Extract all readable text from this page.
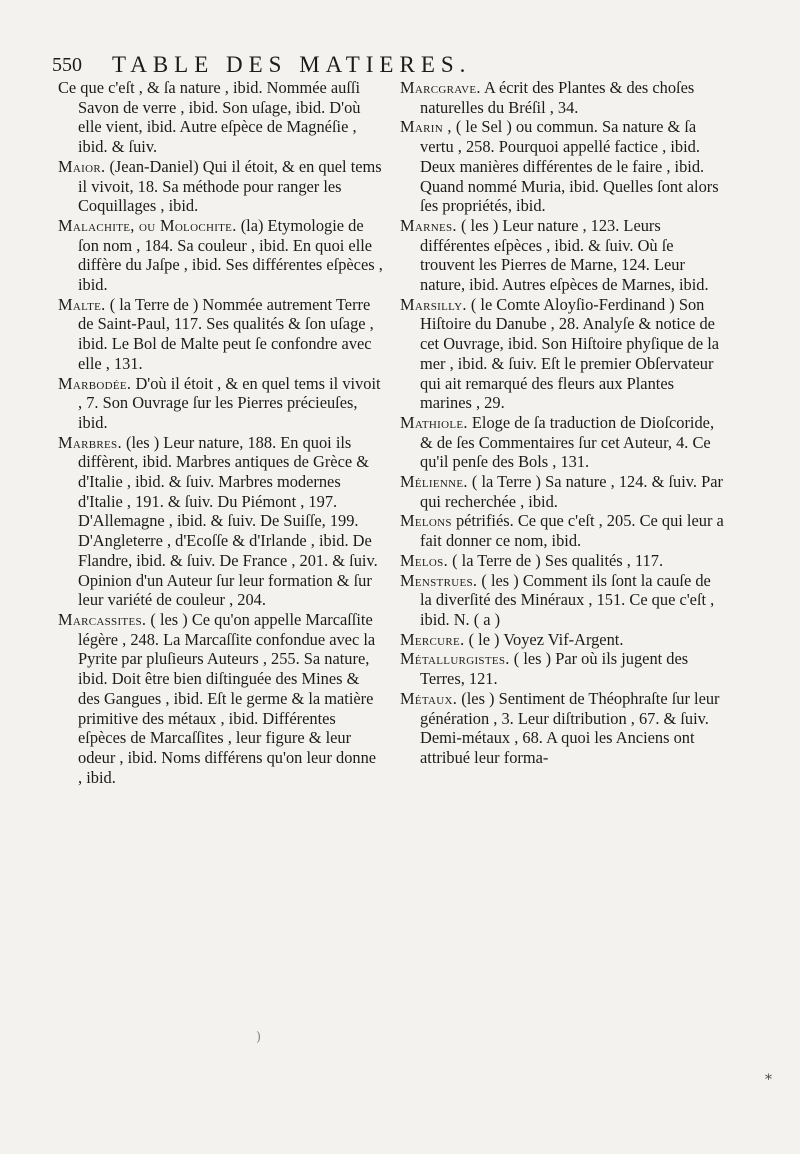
550 TABLE DES MATIERES.

Ce que c'eſt , & ſa nature , ibid. Nommée auſſi Savon de verre , ibid. Son uſage, ibid. D'où elle vient, ibid. Autre eſpèce de Magnéſie , ibid. & ſuiv.

Maior. (Jean-Daniel) Qui il étoit, & en quel tems il vivoit, 18. Sa méthode pour ranger les Coquillages , ibid.

Malachite, ou Molochite. (la) Etymologie de ſon nom , 184. Sa couleur , ibid. En quoi elle diffère du Jaſpe , ibid. Ses différentes eſpèces , ibid.

Malte. ( la Terre de ) Nommée autrement Terre de Saint-Paul, 117. Ses qualités & ſon uſage , ibid. Le Bol de Malte peut ſe confondre avec elle , 131.

Marbodée. D'où il étoit , & en quel tems il vivoit , 7. Son Ouvrage ſur les Pierres précieuſes, ibid.

Marbres. (les ) Leur nature, 188. En quoi ils diffèrent, ibid. Marbres antiques de Grèce & d'Italie , ibid. & ſuiv. Marbres modernes d'Italie , 191. & ſuiv. Du Piémont , 197. D'Allemagne , ibid. & ſuiv. De Suiſſe, 199. D'Angleterre , d'Ecoſſe & d'Irlande , ibid. De Flandre, ibid. & ſuiv. De France , 201. & ſuiv. Opinion d'un Auteur ſur leur formation & ſur leur variété de couleur , 204.

Marcassites. ( les ) Ce qu'on appelle Marcaſſite légère , 248. La Marcaſſite confondue avec la Pyrite par pluſieurs Auteurs , 255. Sa nature, ibid. Doit être bien diſtinguée des Mines & des Gangues , ibid. Eſt le germe & la matière primitive des métaux , ibid. Différentes eſpèces de Marcaſſites , leur figure & leur odeur , ibid. Noms différens qu'on leur donne , ibid.

Marcgrave. A écrit des Plantes & des choſes naturelles du Bréſil , 34.

Marin , ( le Sel ) ou commun. Sa nature & ſa vertu , 258. Pourquoi appellé factice , ibid. Deux manières différentes de le faire , ibid. Quand nommé Muria, ibid. Quelles ſont alors ſes propriétés, ibid.

Marnes. ( les ) Leur nature , 123. Leurs différentes eſpèces , ibid. & ſuiv. Où ſe trouvent les Pierres de Marne, 124. Leur nature, ibid. Autres eſpèces de Marnes, ibid.

Marsilly. ( le Comte Aloyſio-Ferdinand ) Son Hiſtoire du Danube , 28. Analyſe & notice de cet Ouvrage, ibid. Son Hiſtoire phyſique de la mer , ibid. & ſuiv. Eſt le premier Obſervateur qui ait remarqué des fleurs aux Plantes marines , 29.

Mathiole. Eloge de ſa traduction de Dioſcoride, & de ſes Commentaires ſur cet Auteur, 4. Ce qu'il penſe des Bols , 131.

Mélienne. ( la Terre ) Sa nature , 124. & ſuiv. Par qui recherchée , ibid.

Melons pétrifiés. Ce que c'eſt , 205. Ce qui leur a fait donner ce nom, ibid.

Melos. ( la Terre de ) Ses qualités , 117.

Menstrues. ( les ) Comment ils ſont la cauſe de la diverſité des Minéraux , 151. Ce que c'eſt , ibid. N. ( a )

Mercure. ( le ) Voyez Vif-Argent.

Métallurgistes. ( les ) Par où ils jugent des Terres, 121.

Métaux. (les ) Sentiment de Théophraſte ſur leur génération , 3. Leur diſtribution , 67. & ſuiv. Demi-métaux , 68. A quoi les Anciens ont attribué leur forma-

)
*
